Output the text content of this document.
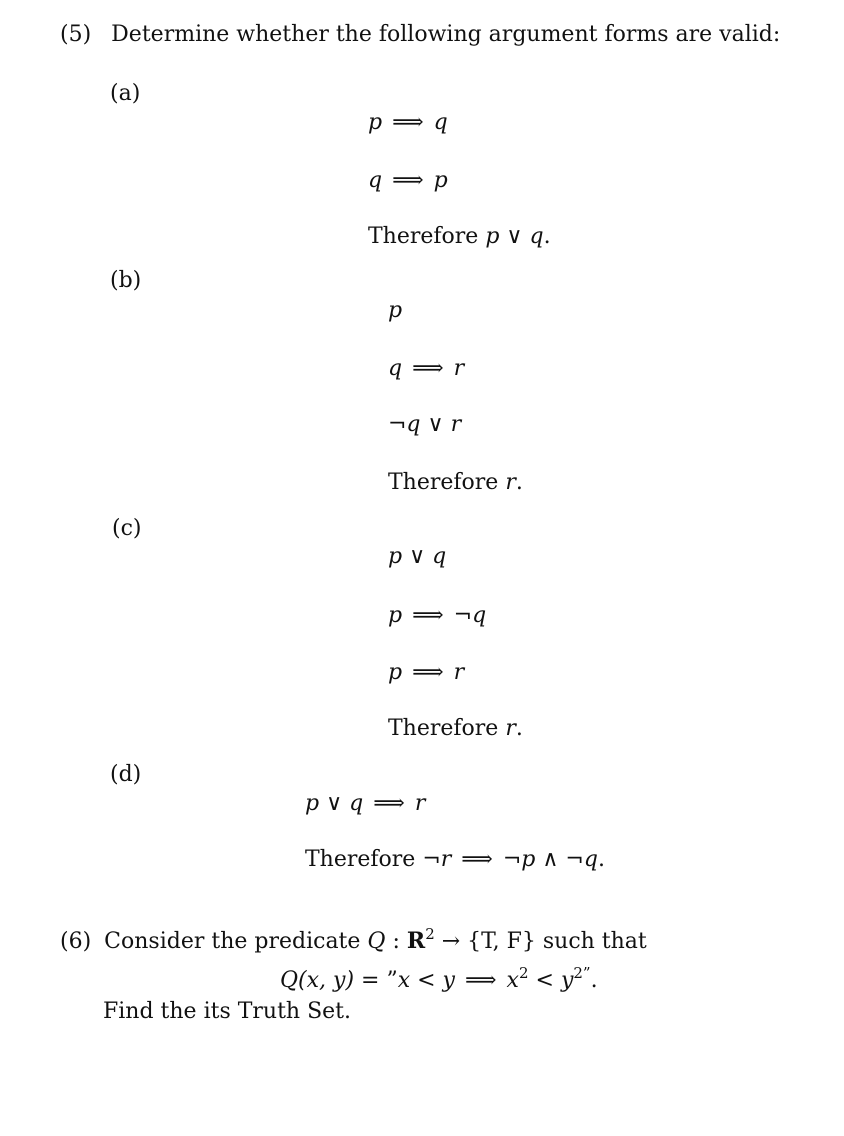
(5) Determine whether the following argument forms are valid:
(a)
p ⟹ q
q ⟹ p
Therefore p ∨ q.
(b)
p
q ⟹ r
¬q ∨ r
Therefore r.
(c)
p ∨ q
p ⟹ ¬q
p ⟹ r
Therefore r.
(d)
p ∨ q ⟹ r
Therefore ¬r ⟹ ¬p ∧ ¬q.
(6) Consider the predicate Q : $R^2 \to \{T$, F} such that
Q(x, y) = ”x < y ⟹ $x^2 < y^{2”}$.
Find the its Truth Set.
